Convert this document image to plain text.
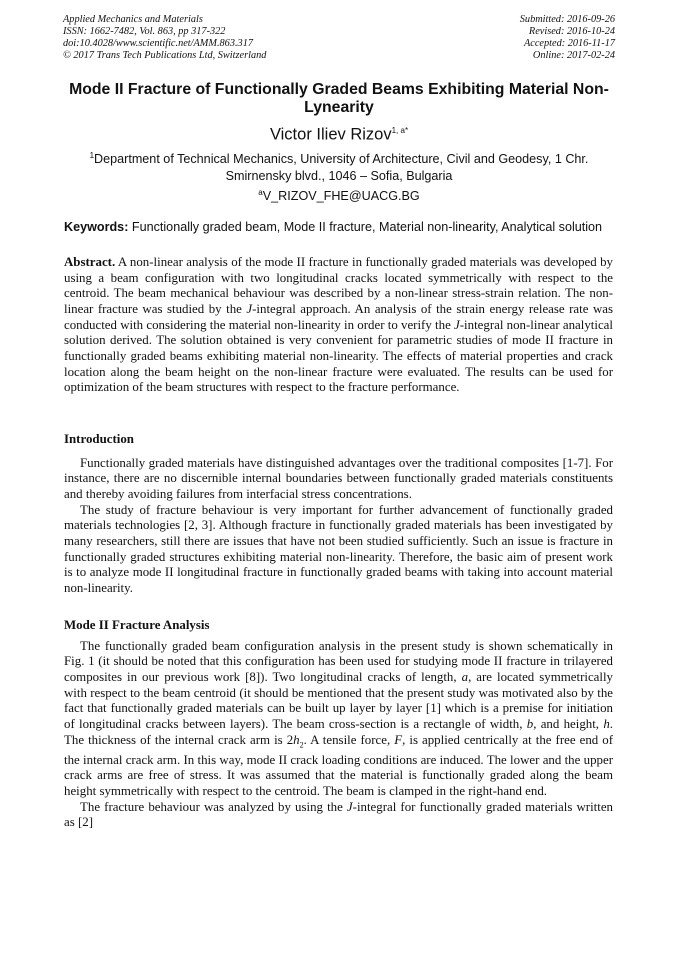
Applied Mechanics and Materials
ISSN: 1662-7482, Vol. 863, pp 317-322
doi:10.4028/www.scientific.net/AMM.863.317
© 2017 Trans Tech Publications Ltd, Switzerland
Submitted: 2016-09-26
Revised: 2016-10-24
Accepted: 2016-11-17
Online: 2017-02-24
Mode II Fracture of Functionally Graded Beams Exhibiting Material Non-Lynearity
Victor Iliev Rizov$^{1, a*}$
$^1$Department of Technical Mechanics, University of Architecture, Civil and Geodesy, 1 Chr. Smirnensky blvd., 1046 – Sofia, Bulgaria
$^a$V_RIZOV_FHE@UACG.BG
Keywords: Functionally graded beam, Mode II fracture, Material non-linearity, Analytical solution

Abstract. A non-linear analysis of the mode II fracture in functionally graded materials was developed by using a beam configuration with two longitudinal cracks located symmetrically with respect to the centroid. The beam mechanical behaviour was described by a non-linear stress-strain relation. The non-linear fracture was studied by the J-integral approach. An analysis of the strain energy release rate was conducted with considering the material non-linearity in order to verify the J-integral non-linear analytical solution derived. The solution obtained is very convenient for parametric studies of mode II fracture in functionally graded beams exhibiting material non-linearity. The effects of material properties and crack location along the beam height on the non-linear fracture were evaluated. The results can be used for optimization of the beam structures with respect to the fracture performance.

Introduction

Functionally graded materials have distinguished advantages over the traditional composites [1-7]. For instance, there are no discernible internal boundaries between functionally graded materials constituents and thereby avoiding failures from interfacial stress concentrations.

The study of fracture behaviour is very important for further advancement of functionally graded materials technologies [2, 3]. Although fracture in functionally graded materials has been investigated by many researchers, still there are issues that have not been studied sufficiently. Such an issue is fracture in functionally graded structures exhibiting material non-linearity. Therefore, the basic aim of present work is to analyze mode II longitudinal fracture in functionally graded beams with taking into account material non-linearity.

Mode II Fracture Analysis

The functionally graded beam configuration analysis in the present study is shown schematically in Fig. 1 (it should be noted that this configuration has been used for studying mode II fracture in trilayered composites in our previous work [8]). Two longitudinal cracks of length, a, are located symmetrically with respect to the beam centroid (it should be mentioned that the present study was motivated also by the fact that functionally graded materials can be built up layer by layer [1] which is a premise for initiation of longitudinal cracks between layers). The beam cross-section is a rectangle of width, b, and height, h. The thickness of the internal crack arm is $2h_2$. A tensile force, F, is applied centrically at the free end of the internal crack arm. In this way, mode II crack loading conditions are induced. The lower and the upper crack arms are free of stress. It was assumed that the material is functionally graded along the beam height symmetrically with respect to the centroid. The beam is clamped in the right-hand end.

The fracture behaviour was analyzed by using the J-integral for functionally graded materials written as [2]
